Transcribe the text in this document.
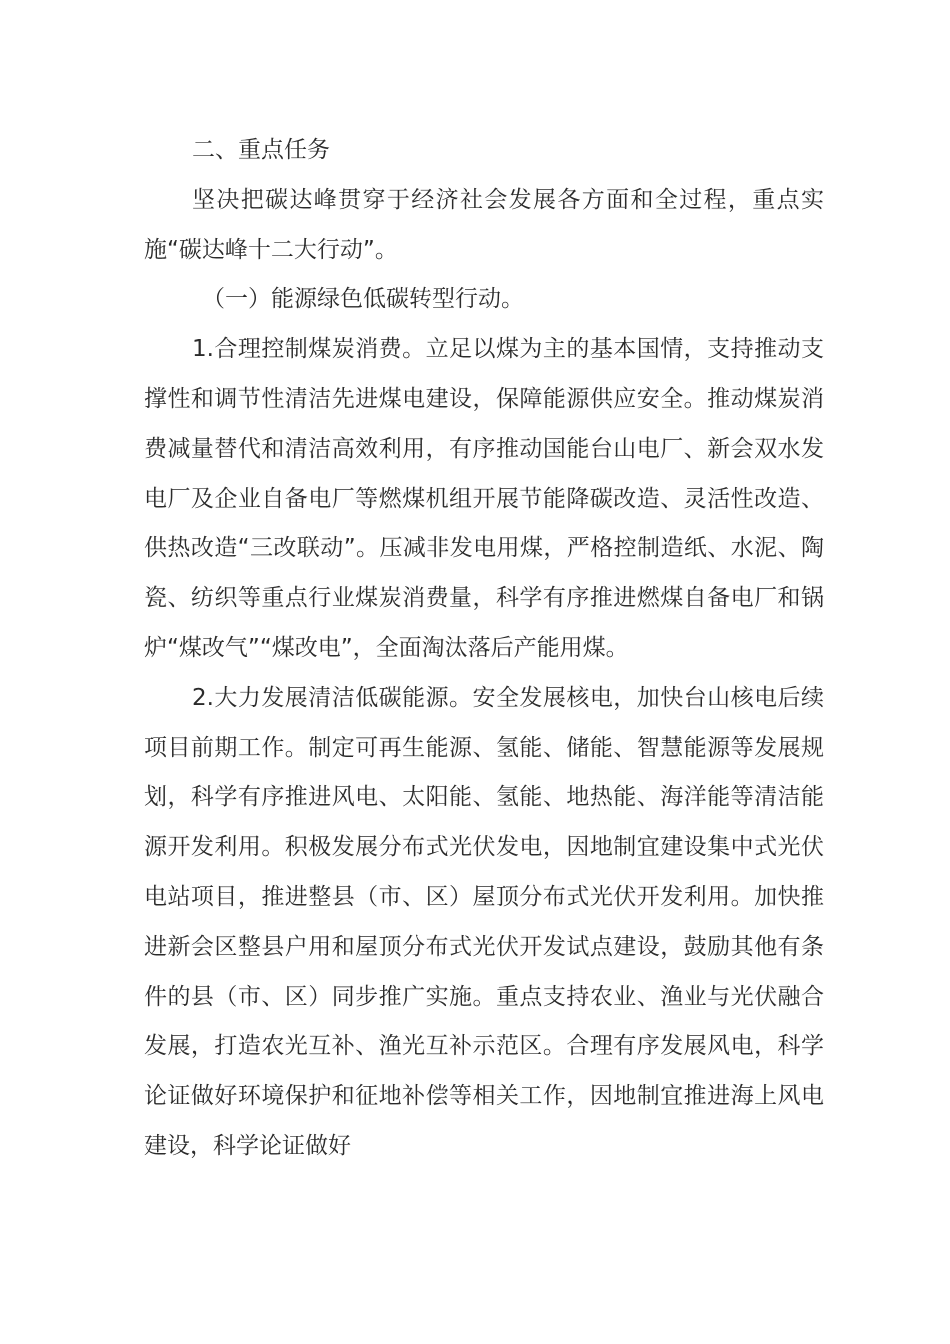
二、重点任务

坚决把碳达峰贯穿于经济社会发展各方面和全过程，重点实施“碳达峰十二大行动”。

（一）能源绿色低碳转型行动。

1.合理控制煤炭消费。立足以煤为主的基本国情，支持推动支撑性和调节性清洁先进煤电建设，保障能源供应安全。推动煤炭消费减量替代和清洁高效利用，有序推动国能台山电厂、新会双水发电厂及企业自备电厂等燃煤机组开展节能降碳改造、灵活性改造、供热改造“三改联动”。压减非发电用煤，严格控制造纸、水泥、陶瓷、纺织等重点行业煤炭消费量，科学有序推进燃煤自备电厂和锅炉“煤改气”“煤改电”，全面淘汰落后产能用煤。

2.大力发展清洁低碳能源。安全发展核电，加快台山核电后续项目前期工作。制定可再生能源、氢能、储能、智慧能源等发展规划，科学有序推进风电、太阳能、氢能、地热能、海洋能等清洁能源开发利用。积极发展分布式光伏发电，因地制宜建设集中式光伏电站项目，推进整县（市、区）屋顶分布式光伏开发利用。加快推进新会区整县户用和屋顶分布式光伏开发试点建设，鼓励其他有条件的县（市、区）同步推广实施。重点支持农业、渔业与光伏融合发展，打造农光互补、渔光互补示范区。合理有序发展风电，科学论证做好环境保护和征地补偿等相关工作，因地制宜推进海上风电建设，科学论证做好
